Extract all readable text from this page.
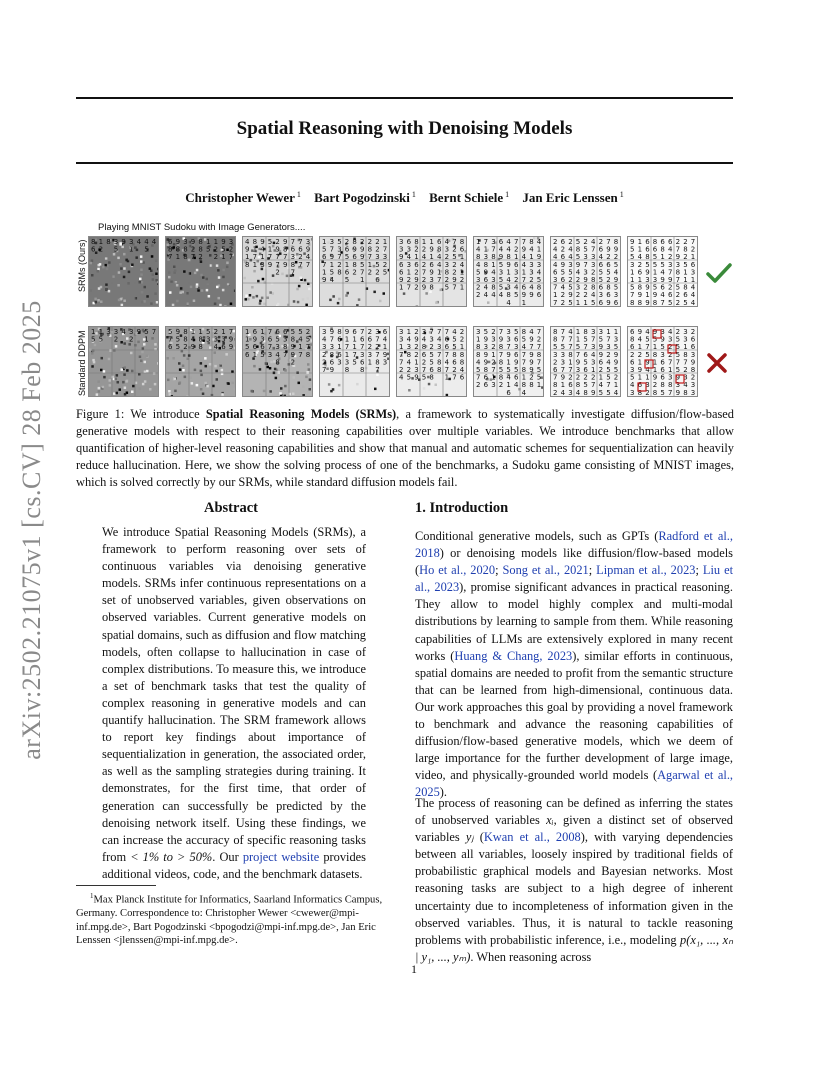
arXiv:2502.21075v1 [cs.CV] 28 Feb 2025
Spatial Reasoning with Denoising Models
Christopher Wewer $^1$ Bart Pogodzinski $^1$ Bernt Schiele $^1$ Jan Eric Lenssen $^1$
Playing MNIST Sudoku with Image Generators....
SRMs (Ours)
Standard DDPM
8	4
3
3
1	4
4
9
8
6	5
1
5
2
9
9	3
1
8
3
6	9
1
2
8	2
2
8
8
8	5
5
7
1	7
2
2
8
7	1
7
2
9
4	7
9
5
8	3
6
9
4
9	6
8
1
1	9
3
7
1
1	2
7
7
7	4
8
7
3
8	7
9
9
1	7
7
2
1	2
2
2
3	1
2
8
5
5	2
9
6
7	7
8
9
3
6	3
9
5
9	3
7
6
7
7	5
5
1
1	2
1
8
2
1	2
7
6
5	5
2
2
8
9	6
1
5
4
1
6	8
4
1
8
3	7
6
2
3	6
3
9
2
3	2
8
4
4	1
2
1
1
9	5
4
2
3	4
3
6
6
6	2
4
7
1	1
8
9
2
6	2
1
2
2	2
2
3
9
9	9
7
9
7	1
5
8
2
1	7
7
4
3
1	8
7
6
7	4
9
4
7
4	4
2
4
1	1
4
8
8
8	1
1
9
3	9
4
9
1
4	3
6
5
8	3
1
1
4
5	3
3
3
9	4
7
4
3
3	2
2
5
6	5
6
3
8
2	4
4
5
4	8
9
8
4
2	9
5
4
4	6
1
4
2	7
4
5
6	8
2
2
2
4	9
7
8
2	9
6
5
4
4	2
3
5
6	2
4
3
4
4	6
3
9
9	5
6
7
3
6	5
2
4
5	4
5
3
5
3	2
8
2
6	9
5
9
2
7	8
8
3
4	5
6
2
5
1	6
4
2
2	3
3
2
9
7	9
5
1
2	6
6
1
5
8
1	7
2
6
6
9	2
6
6
1	2
7
8
6
5	8
4
5
4	1
9
1
8
5	2
2
5
2	6
3
5
5
3	5
3
1
6	3
8
4
9
1	1
7
3
1	1
7
9
3
1	1
9
5
8	4
5
6
9
5	8
2
9
9	4
2
4
1
7	6
6
8
8	4
2
7
9
8	5
5
1	5
3
3
1	7
9
4
3
5	1
2
2
5
1
9	7
2
1
8
5	1
5
4
5	9
3
8
8
7	3
3
9
5	9
4
8
2
6	6
5
6
1
1	5
6
7
6	2
8
5
3
1	4
3
6
9	5
9
3
6
5	1
8
7
6	7
9
4
5
6	7
7
3
1	8
2
8
3	3
7
9
9	6
2
6
8
4	7
6
1
7	4
6
1
6
3	2
7
7
3	1
2
1
1
2	7
3
1
8	9
3
7
6
2	8
6
3
6	3
1
5
3
7	7
8
8
9
3
1	2
7
7
2
3	4
7
4
4	2
6
3
9
3	5
4
8
3	1
6
2
2
1	5
3
6
8	8
7
5
2
7	8
7
2
4	8
4
5
1
7	6
8
7
2	4
7
6
3
2	2
8
5
5	6
1
8
9
4	7
8
3
2
3	4
5
7
5	7
5
3
3
1	9
6
9
9	2
4
7
2
8	7
3
8
3	7
7
9
1
8	9
6
7
9	8
7
1
2
4	9
9
8
9	7
8
5
7
5	9
5
5
8	5
1
4
1
7	2
6
8
6	5
8
1
3
2	8
4
2
6	1
4
6
8	1
3
1
7	1
3
8
4
8	7
7
1
7	3
5
5
7
5	3
3
5
5	5
9
7
7
3	2
4
7
3	9
9
6
8
2	4
3
9
3	9
6
5
1
6	5
1
3
7	5
2
6
7
7	5
2
2
9	2
1
2
2
8	7
7
8
1	1
4
5
6
2	5
9
4
4	4
5
8
3
9
9	2
2
3
4
6	3
4
5
4	6
5
9
5
8	3
3
1
1	6
5
5
7
6	1
2
8
2	3
5
3
5
2	8
2
1
1	9
7
6
9
6	7
7
1
9	8
5
6
4
3	2
1
9
1	2
9
6
1
5	3
3
2
6	3
3
8
3
4	4
8
8
8	3
9
5
2
3	8
7
Figure 1: We introduce Spatial Reasoning Models (SRMs), a framework to systematically investigate diffusion/flow-based generative models with respect to their reasoning capabilities over multiple variables. We introduce benchmarks that allow quantification of higher-level reasoning capabilities and show that manual and automatic schemes for sequentialization can heavily reduce hallucination. Here, we show the solving process of one of the benchmarks, a Sudoku game consisting of MNIST images, which is solved correctly by our SRMs, while standard diffusion models fail.
Abstract
We introduce Spatial Reasoning Models (SRMs), a framework to perform reasoning over sets of continuous variables via denoising generative models. SRMs infer continuous representations on a set of unobserved variables, given observations on observed variables. Current generative models on spatial domains, such as diffusion and flow matching models, often collapse to hallucination in case of complex distributions. To measure this, we introduce a set of benchmark tasks that test the quality of complex reasoning in generative models and can quantify hallucination. The SRM framework allows to report key findings about importance of sequentialization in generation, the associated order, as well as the sampling strategies during training. It demonstrates, for the first time, that order of generation can successfully be predicted by the denoising network itself. Using these findings, we can increase the accuracy of specific reasoning tasks from < 1% to > 50%. Our project website provides additional videos, code, and the benchmark datasets.
$^1$Max Planck Institute for Informatics, Saarland Informatics Campus, Germany. Correspondence to: Christopher Wewer <cwewer@mpi-inf.mpg.de>, Bart Pogodzinski <bpogodzi@mpi-inf.mpg.de>, Jan Eric Lenssen <jlenssen@mpi-inf.mpg.de>.
1. Introduction
Conditional generative models, such as GPTs (Radford et al., 2018) or denoising models like diffusion/flow-based models (Ho et al., 2020; Song et al., 2021; Lipman et al., 2023; Liu et al., 2023), promise significant advances in practical reasoning. They allow to model highly complex and multi-modal distributions by learning to sample from them. While reasoning capabilities of LLMs are extensively explored in many recent works (Huang & Chang, 2023), similar efforts in continuous, spatial domains are needed to profit from the semantic structure that can be learned from high-dimensional, continuous data. Our work approaches this goal by providing a novel framework to benchmark and advance the reasoning capabilities of diffusion/flow-based generative models, which we deem of large importance for the further development of large image, video, and physically-grounded world models (Agarwal et al., 2025).
The process of reasoning can be defined as inferring the states of unobserved variables xᵢ, given a distinct set of observed variables yⱼ (Kwan et al., 2008), with varying dependencies between all variables, loosely inspired by traditional fields of probabilistic graphical models and Bayesian networks. Most reasoning tasks are subject to a high degree of inherent uncertainty due to incompleteness of information given in the observed variables. Thus, it is natural to tackle reasoning problems with probabilistic inference, i.e., modeling p(x₁, ..., xₙ | y₁, ..., yₘ). When reasoning across
1
